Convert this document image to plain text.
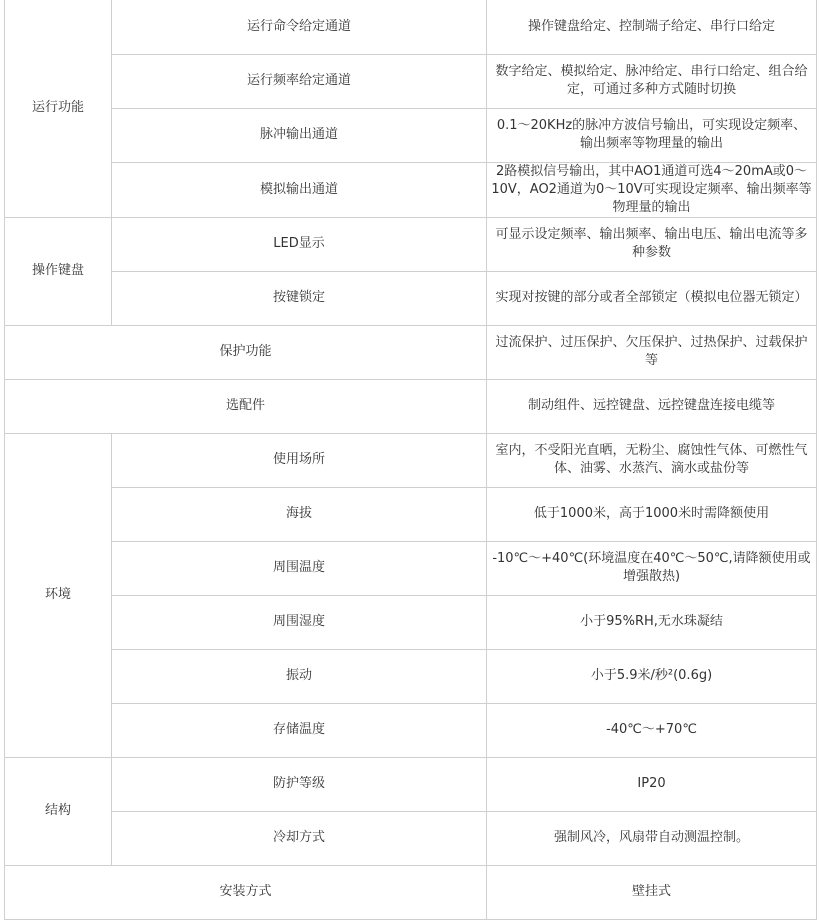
运行功能	运行命令给定通道	操作键盘给定、控制端子给定、串行口给定
	运行频率给定通道	数字给定、模拟给定、脉冲给定、串行口给定、组合给定，可通过多种方式随时切换
	脉冲输出通道	0.1～20KHz的脉冲方波信号输出，可实现设定频率、输出频率等物理量的输出
	模拟输出通道	2路模拟信号输出，其中AO1通道可选4～20mA或0～10V，AO2通道为0～10V可实现设定频率、输出频率等物理量的输出
操作键盘	LED显示	可显示设定频率、输出频率、输出电压、输出电流等多种参数
	按键锁定	实现对按键的部分或者全部锁定（模拟电位器无锁定）
保护功能		过流保护、过压保护、欠压保护、过热保护、过载保护等
选配件		制动组件、远控键盘、远控键盘连接电缆等
环境	使用场所	室内，不受阳光直晒，无粉尘、腐蚀性气体、可燃性气体、油雾、水蒸汽、滴水或盐份等
	海拔	低于1000米，高于1000米时需降额使用
	周围温度	-10℃～+40℃(环境温度在40℃～50℃,请降额使用或增强散热)
	周围湿度	小于95%RH,无水珠凝结
	振动	小于5.9米/秒²(0.6g)
	存储温度	-40℃～+70℃
结构	防护等级	IP20
	冷却方式	强制风冷，风扇带自动测温控制。
安装方式		壁挂式
